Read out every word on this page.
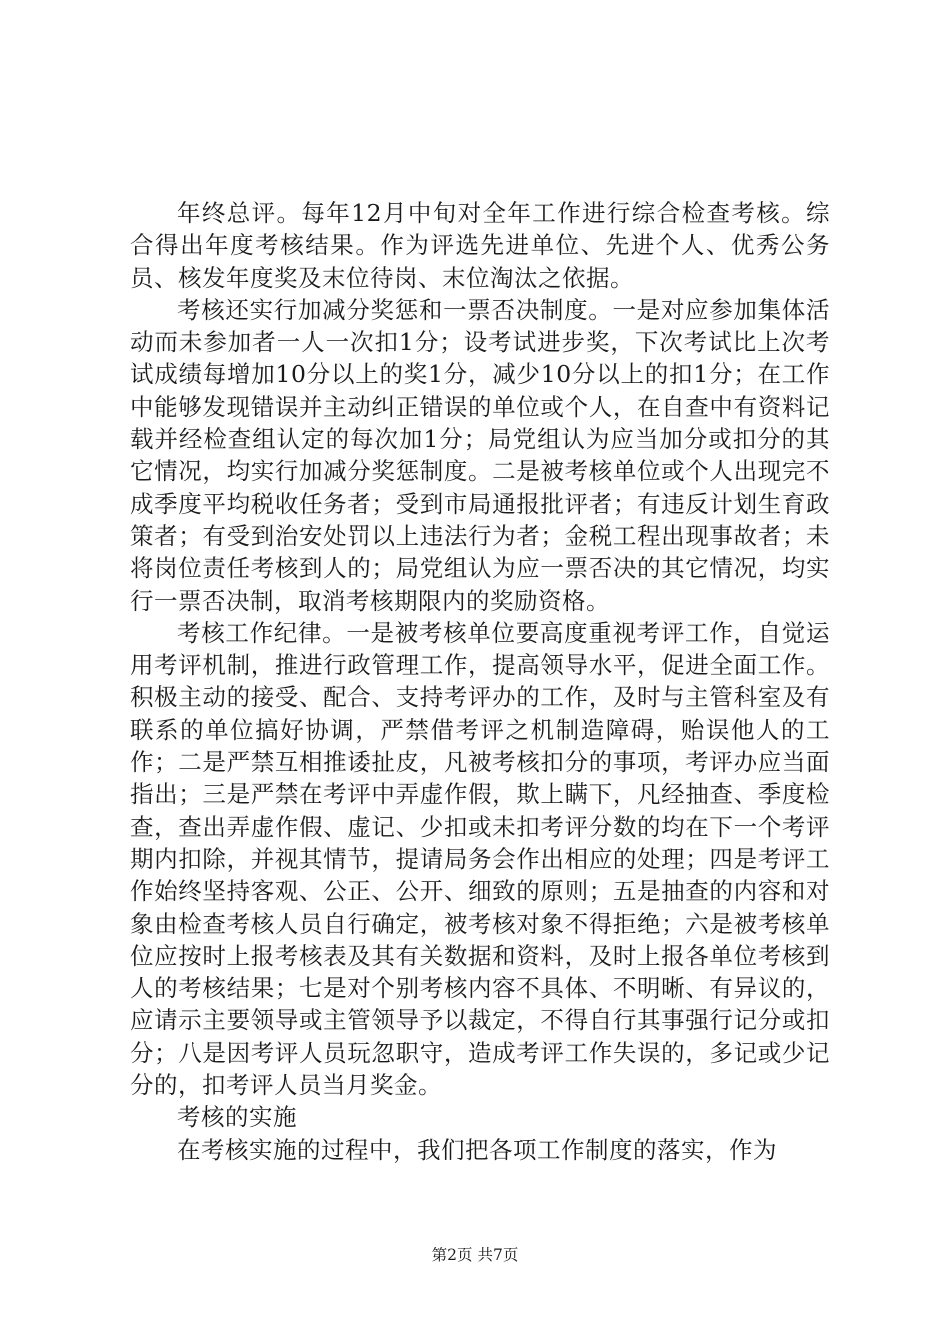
年终总评。每年12月中旬对全年工作进行综合检查考核。综合得出年度考核结果。作为评选先进单位、先进个人、优秀公务员、核发年度奖及末位待岗、末位淘汰之依据。

考核还实行加减分奖惩和一票否决制度。一是对应参加集体活动而未参加者一人一次扣1分；设考试进步奖，下次考试比上次考试成绩每增加10分以上的奖1分，减少10分以上的扣1分；在工作中能够发现错误并主动纠正错误的单位或个人，在自查中有资料记载并经检查组认定的每次加1分；局党组认为应当加分或扣分的其它情况，均实行加减分奖惩制度。二是被考核单位或个人出现完不成季度平均税收任务者；受到市局通报批评者；有违反计划生育政策者；有受到治安处罚以上违法行为者；金税工程出现事故者；未将岗位责任考核到人的；局党组认为应一票否决的其它情况，均实行一票否决制，取消考核期限内的奖励资格。

考核工作纪律。一是被考核单位要高度重视考评工作，自觉运用考评机制，推进行政管理工作，提高领导水平，促进全面工作。积极主动的接受、配合、支持考评办的工作，及时与主管科室及有联系的单位搞好协调，严禁借考评之机制造障碍，贻误他人的工作；二是严禁互相推诿扯皮，凡被考核扣分的事项，考评办应当面指出；三是严禁在考评中弄虚作假，欺上瞒下，凡经抽查、季度检查，查出弄虚作假、虚记、少扣或未扣考评分数的均在下一个考评期内扣除，并视其情节，提请局务会作出相应的处理；四是考评工作始终坚持客观、公正、公开、细致的原则；五是抽查的内容和对象由检查考核人员自行确定，被考核对象不得拒绝；六是被考核单位应按时上报考核表及其有关数据和资料，及时上报各单位考核到人的考核结果；七是对个别考核内容不具体、不明晰、有异议的，应请示主要领导或主管领导予以裁定，不得自行其事强行记分或扣分；八是因考评人员玩忽职守，造成考评工作失误的，多记或少记分的，扣考评人员当月奖金。

考核的实施

在考核实施的过程中，我们把各项工作制度的落实，作为

第2页 共7页
